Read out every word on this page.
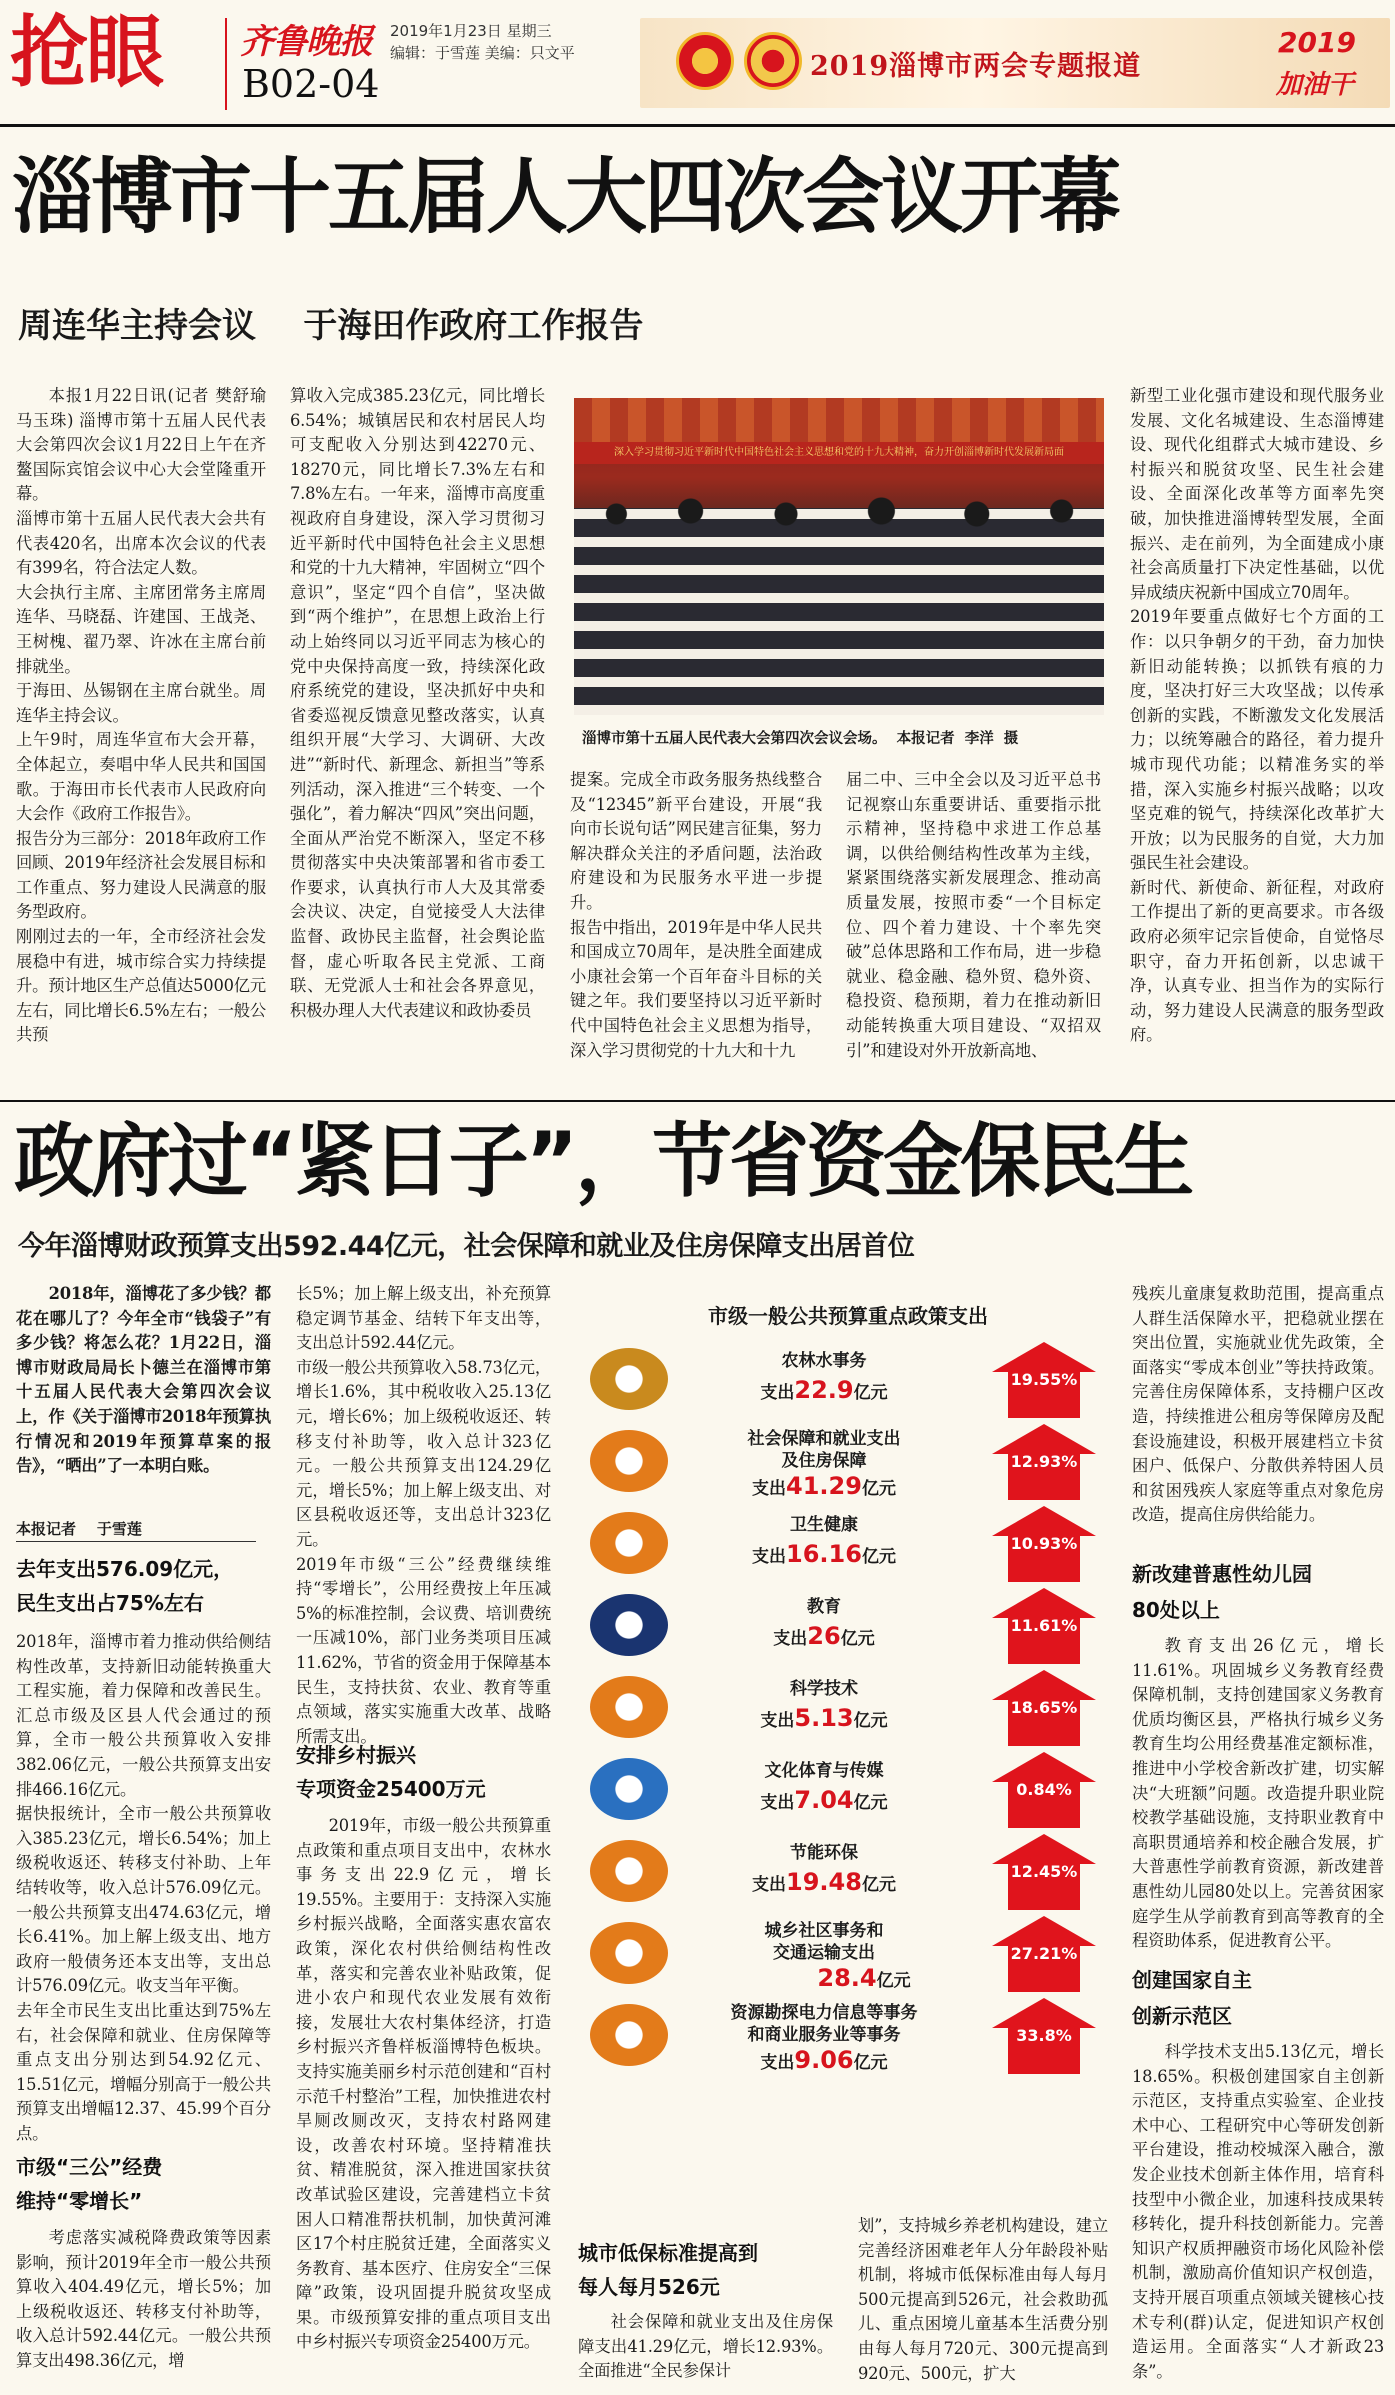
抢眼 齐鲁晚报
B02-04
2019年1月23日 星期三
编辑：于雪莲 美编：只文平	2019淄博市两会专题报道
2019
加油干
淄博市十五届人大四次会议开幕
周连华主持会议    于海田作政府工作报告
本报1月22日讯(记者 樊舒瑜 马玉珠) 淄博市第十五届人民代表大会第四次会议1月22日上午在齐鳌国际宾馆会议中心大会堂隆重开幕。
淄博市第十五届人民代表大会共有代表420名，出席本次会议的代表有399名，符合法定人数。
大会执行主席、主席团常务主席周连华、马晓磊、许建国、王战尧、王树槐、翟乃翠、许冰在主席台前排就坐。
于海田、丛锡钢在主席台就坐。周连华主持会议。
上午9时，周连华宣布大会开幕，全体起立，奏唱中华人民共和国国歌。于海田市长代表市人民政府向大会作《政府工作报告》。
报告分为三部分：2018年政府工作回顾、2019年经济社会发展目标和工作重点、努力建设人民满意的服务型政府。
刚刚过去的一年，全市经济社会发展稳中有进，城市综合实力持续提升。预计地区生产总值达5000亿元左右，同比增长6.5%左右；一般公共预
算收入完成385.23亿元，同比增长6.54%；城镇居民和农村居民人均可支配收入分别达到42270元、18270元，同比增长7.3%左右和7.8%左右。一年来，淄博市高度重视政府自身建设，深入学习贯彻习近平新时代中国特色社会主义思想和党的十九大精神，牢固树立“四个意识”，坚定“四个自信”，坚决做到“两个维护”，在思想上政治上行动上始终同以习近平同志为核心的党中央保持高度一致，持续深化政府系统党的建设，坚决抓好中央和省委巡视反馈意见整改落实，认真组织开展“大学习、大调研、大改进”“新时代、新理念、新担当”等系列活动，深入推进“三个转变、一个强化”，着力解决“四风”突出问题，全面从严治党不断深入，坚定不移贯彻落实中央决策部署和省市委工作要求，认真执行市人大及其常委会决议、决定，自觉接受人大法律监督、政协民主监督，社会舆论监督，虚心听取各民主党派、工商联、无党派人士和社会各界意见，积极办理人大代表建议和政协委员
深入学习贯彻习近平新时代中国特色社会主义思想和党的十九大精神，奋力开创淄博新时代发展新局面
淄博市第十五届人民代表大会第四次会议会场。  本报记者  李洋  摄
提案。完成全市政务服务热线整合及“12345”新平台建设，开展“我向市长说句话”网民建言征集，努力解决群众关注的矛盾问题，法治政府建设和为民服务水平进一步提升。
报告中指出，2019年是中华人民共和国成立70周年，是决胜全面建成小康社会第一个百年奋斗目标的关键之年。我们要坚持以习近平新时代中国特色社会主义思想为指导，深入学习贯彻党的十九大和十九
届二中、三中全会以及习近平总书记视察山东重要讲话、重要指示批示精神，坚持稳中求进工作总基调，以供给侧结构性改革为主线，紧紧围绕落实新发展理念、推动高质量发展，按照市委“一个目标定位、四个着力建设、十个率先突破”总体思路和工作布局，进一步稳就业、稳金融、稳外贸、稳外资、稳投资、稳预期，着力在推动新旧动能转换重大项目建设、“双招双引”和建设对外开放新高地、
新型工业化强市建设和现代服务业发展、文化名城建设、生态淄博建设、现代化组群式大城市建设、乡村振兴和脱贫攻坚、民生社会建设、全面深化改革等方面率先突破，加快推进淄博转型发展，全面振兴、走在前列，为全面建成小康社会高质量打下决定性基础，以优异成绩庆祝新中国成立70周年。
2019年要重点做好七个方面的工作：以只争朝夕的干劲，奋力加快新旧动能转换；以抓铁有痕的力度，坚决打好三大攻坚战；以传承创新的实践，不断激发文化发展活力；以统筹融合的路径，着力提升城市现代功能；以精准务实的举措，深入实施乡村振兴战略；以攻坚克难的锐气，持续深化改革扩大开放；以为民服务的自觉，大力加强民生社会建设。
新时代、新使命、新征程，对政府工作提出了新的更高要求。市各级政府必须牢记宗旨使命，自觉恪尽职守，奋力开拓创新，以忠诚干净，认真专业、担当作为的实际行动，努力建设人民满意的服务型政府。
政府过“紧日子”，节省资金保民生
今年淄博财政预算支出592.44亿元，社会保障和就业及住房保障支出居首位
2018年，淄博花了多少钱？都花在哪儿了？今年全市“钱袋子”有多少钱？将怎么花？1月22日，淄博市财政局局长卜德兰在淄博市第十五届人民代表大会第四次会议上，作《关于淄博市2018年预算执行情况和2019年预算草案的报告》，“晒出”了一本明白账。
本报记者    于雪莲
去年支出576.09亿元，
民生支出占75%左右
2018年，淄博市着力推动供给侧结构性改革，支持新旧动能转换重大工程实施，着力保障和改善民生。汇总市级及区县人代会通过的预算，全市一般公共预算收入安排382.06亿元，一般公共预算支出安排466.16亿元。
据快报统计，全市一般公共预算收入385.23亿元，增长6.54%；加上级税收返还、转移支付补助、上年结转收等，收入总计576.09亿元。一般公共预算支出474.63亿元，增长6.41%。加上解上级支出、地方政府一般债务还本支出等，支出总计576.09亿元。收支当年平衡。
去年全市民生支出比重达到75%左右，社会保障和就业、住房保障等重点支出分别达到54.92亿元、15.51亿元，增幅分别高于一般公共预算支出增幅12.37、45.99个百分点。
市级“三公”经费
维持“零增长”
考虑落实减税降费政策等因素影响，预计2019年全市一般公共预算收入404.49亿元，增长5%；加上级税收返还、转移支付补助等，收入总计592.44亿元。一般公共预算支出498.36亿元，增
长5%；加上解上级支出，补充预算稳定调节基金、结转下年支出等，支出总计592.44亿元。
市级一般公共预算收入58.73亿元，增长1.6%，其中税收收入25.13亿元，增长6%；加上级税收返还、转移支付补助等，收入总计323亿元。一般公共预算支出124.29亿元，增长5%；加上解上级支出、对区县税收返还等，支出总计323亿元。
2019年市级“三公”经费继续维持“零增长”，公用经费按上年压减5%的标准控制，会议费、培训费统一压减10%，部门业务类项目压减11.62%，节省的资金用于保障基本民生，支持扶贫、农业、教育等重点领域，落实实施重大改革、战略所需支出。
安排乡村振兴
专项资金25400万元
2019年，市级一般公共预算重点政策和重点项目支出中，农林水事务支出22.9亿元，增长19.55%。主要用于：支持深入实施乡村振兴战略，全面落实惠农富农政策，深化农村供给侧结构性改革，落实和完善农业补贴政策，促进小农户和现代农业发展有效衔接，发展壮大农村集体经济，打造乡村振兴齐鲁样板淄博特色板块。支持实施美丽乡村示范创建和“百村示范千村整治”工程，加快推进农村旱厕改厕改灭，支持农村路网建设，改善农村环境。坚持精准扶贫、精准脱贫，深入推进国家扶贫改革试验区建设，完善建档立卡贫困人口精准帮扶机制，加快黄河滩区17个村庄脱贫迁建，全面落实义务教育、基本医疗、住房安全“三保障”政策，设巩固提升脱贫攻坚成果。市级预算安排的重点项目支出中乡村振兴专项资金25400万元。
市级一般公共预算重点政策支出
农林水事务
支出22.9亿元
19.55%
社会保障和就业支出
及住房保障
支出41.29亿元
12.93%
卫生健康
支出16.16亿元
10.93%
教育
支出26亿元
11.61%
科学技术
支出5.13亿元
18.65%
文化体育与传媒
支出7.04亿元
0.84%
节能环保
支出19.48亿元
12.45%
城乡社区事务和
交通运输支出
28.4亿元
27.21%
资源勘探电力信息等事务
和商业服务业等事务
支出9.06亿元
33.8%
城市低保标准提高到
每人每月526元
社会保障和就业支出及住房保障支出41.29亿元，增长12.93%。全面推进“全民参保计
划”，支持城乡养老机构建设，建立完善经济困难老年人分年龄段补贴机制，将城市低保标准由每人每月500元提高到526元，社会救助孤儿、重点困境儿童基本生活费分别由每人每月720元、300元提高到920元、500元，扩大
残疾儿童康复救助范围，提高重点人群生活保障水平，把稳就业摆在突出位置，实施就业优先政策，全面落实“零成本创业”等扶持政策。完善住房保障体系，支持棚户区改造，持续推进公租房等保障房及配套设施建设，积极开展建档立卡贫困户、低保户、分散供养特困人员和贫困残疾人家庭等重点对象危房改造，提高住房供给能力。
新改建普惠性幼儿园
80处以上
教育支出26亿元，增长11.61%。巩固城乡义务教育经费保障机制，支持创建国家义务教育优质均衡区县，严格执行城乡义务教育生均公用经费基准定额标准，推进中小学校舍新改扩建，切实解决“大班额”问题。改造提升职业院校教学基础设施，支持职业教育中高职贯通培养和校企融合发展，扩大普惠性学前教育资源，新改建普惠性幼儿园80处以上。完善贫困家庭学生从学前教育到高等教育的全程资助体系，促进教育公平。
创建国家自主
创新示范区
科学技术支出5.13亿元，增长18.65%。积极创建国家自主创新示范区，支持重点实验室、企业技术中心、工程研究中心等研发创新平台建设，推动校城深入融合，激发企业技术创新主体作用，培育科技型中小微企业，加速科技成果转移转化，提升科技创新能力。完善知识产权质押融资市场化风险补偿机制，激励高价值知识产权创造，支持开展百项重点领域关键核心技术专利(群)认定，促进知识产权创造运用。全面落实“人才新政23条”。
